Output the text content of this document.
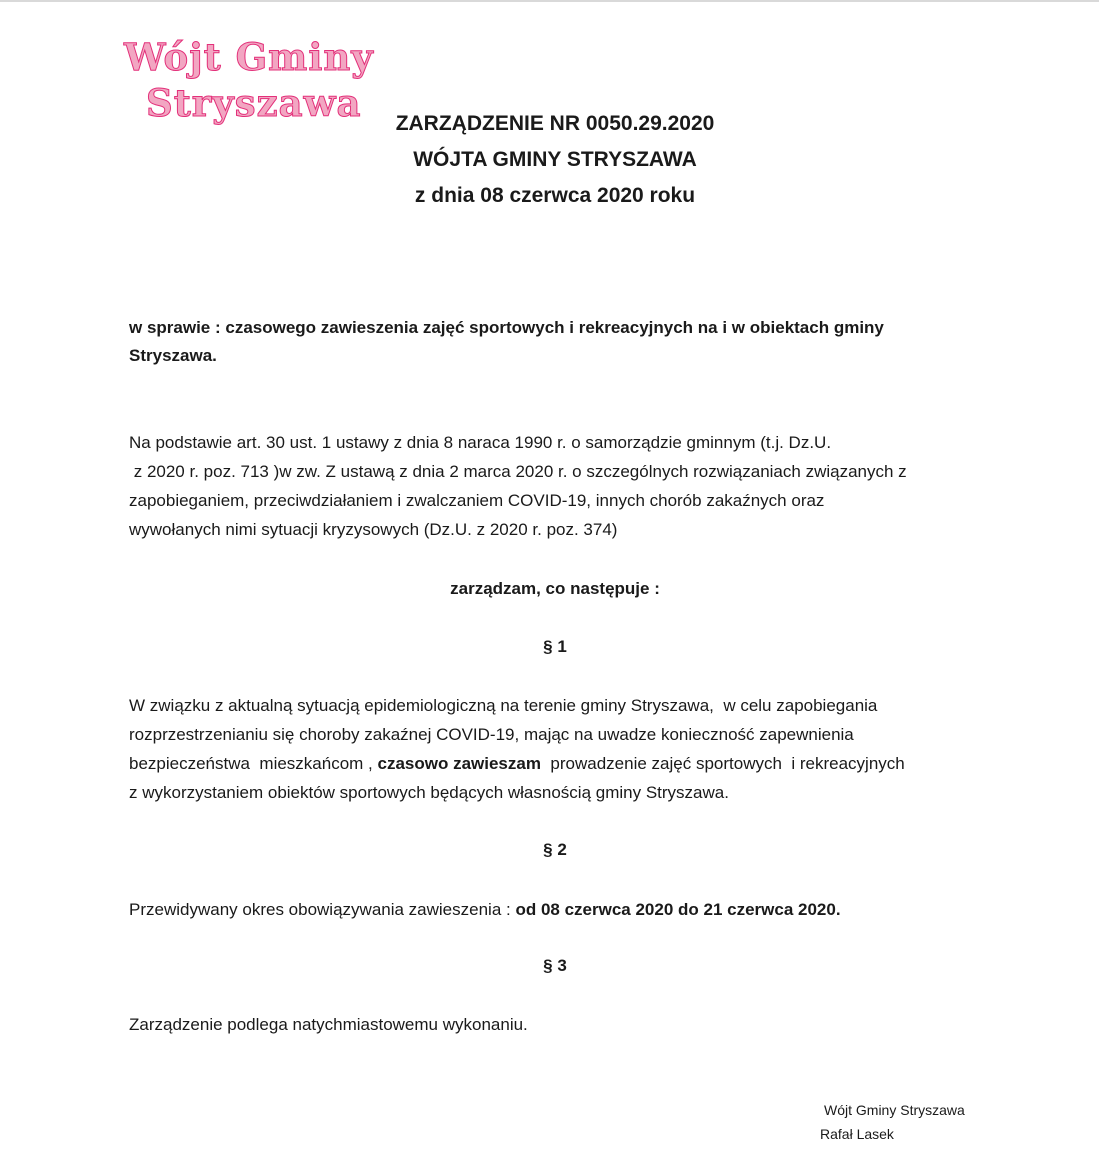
Wójt Gminy
Stryszawa	ZARZĄDZENIE NR 0050.29.2020
WÓJTA GMINY STRYSZAWA
z dnia 08 czerwca 2020 roku
w sprawie : czasowego zawieszenia zajęć sportowych i rekreacyjnych na i w obiektach gminy
Stryszawa.
Na podstawie art. 30 ust. 1 ustawy z dnia 8 naraca 1990 r. o samorządzie gminnym (t.j. Dz.U.
z 2020 r. poz. 713 )w zw. Z ustawą z dnia 2 marca 2020 r. o szczególnych rozwiązaniach związanych z
zapobieganiem, przeciwdziałaniem i zwalczaniem COVID-19, innych chorób zakaźnych oraz
wywołanych nimi sytuacji kryzysowych (Dz.U. z 2020 r. poz. 374)
zarządzam, co następuje :
§ 1
W związku z aktualną sytuacją epidemiologiczną na terenie gminy Stryszawa,  w celu zapobiegania
rozprzestrzenianiu się choroby zakaźnej COVID-19, mając na uwadze konieczność zapewnienia
bezpieczeństwa  mieszkańcom , czasowo zawieszam  prowadzenie zajęć sportowych  i rekreacyjnych
z wykorzystaniem obiektów sportowych będących własnością gminy Stryszawa.
§ 2
Przewidywany okres obowiązywania zawieszenia : od 08 czerwca 2020 do 21 czerwca 2020.
§ 3
Zarządzenie podlega natychmiastowemu wykonaniu.
Wójt Gminy Stryszawa
Rafał Lasek
